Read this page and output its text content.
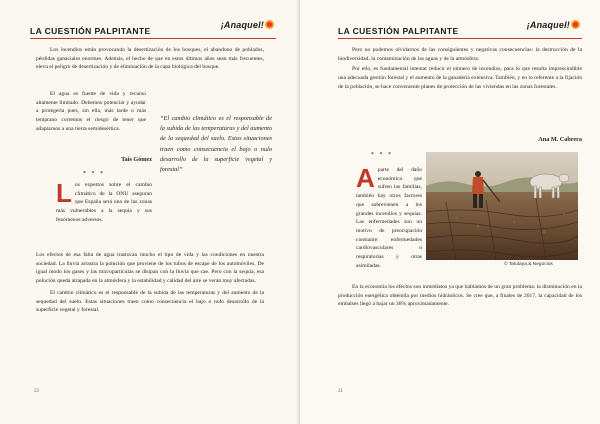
LA CUESTIÓN PALPITANTE
¡Anaquel!

Los incendios están provocando la desertización de los bosques, el abandono de poblados, pérdidas ganaciales enormes. Además, el hecho de que en estos últimos años sean más frecuentes, eleva el peligro de desertización y de eliminación de la capa biológica del bosque.

El agua es fuente de vida y recurso altamente limitado. Debemos potenciar y ayudar a protegerla pues, sin ella, más tarde o más temprano corremos el riesgo de tener que adaptarnos a una tierra semidesértica.

“El cambio climático es el responsable de la subida de las temperaturas y del aumento de la sequedad del suelo. Estas situaciones traen como consecuencia el bajo o nulo desarrollo de la superficie vegetal y forestal”
Tais Gómez
* * *
Los expertos sobre el cambio climático de la ONU aseguran que España será una de las zonas más vulnerables a la sequía y sus fenómenos adversos.

Los efectos de esa falta de agua trastocan mucho el tipo de vida y las condiciones en nuestra sociedad. La lluvia arrastra la polución que proviene de los tubos de escape de los automóviles. De igual modo los gases y las micropartículas se disipan con la lluvia que cae. Pero con la sequía, esa polución queda atrapada en la atmósfera y la estabilidad y calidad del aire se verán muy afectadas.

El cambio climático es el responsable de la subida de las temperaturas y del aumento de la sequedad del suelo. Estas situaciones traen como consecuencia el bajo o nulo desarrollo de la superficie vegetal y forestal.

22
LA CUESTIÓN PALPITANTE
¡Anaquel!

Pero no podemos olvidarnos de las consiguientes y negativas consecuencias: la destrucción de la biodiversidad, la contaminación de las aguas y de la atmósfera.

Por ello, es fundamental intentar reducir el número de incendios, para lo que resulta imprescindible una adecuada gestión forestal y el aumento de la ganadería extensiva. También, y en lo referente a la fijación de la población, se hace conveniente planes de protección de las viviendas en las zonas forestales.

Ana M. Cabrera
* * *
Aparte del daño económico que sufren las familias, también hay otros factores que sobrevienen a los grandes incendios y sequías. Las enfermedades son un motivo de preocupación constante: enfermedades cardiovasculares o respiratorias y otras asimiladas.

En la economía los efectos son inmediatos ya que hablamos de un gran problema: la disminución en la producción energética obtenida por medios hidráulicos. Se cree que, a finales de 2017, la capacidad de los embalses llegó a bajar un 38% aproximadamente.

21
© Tatutaya.& Negocios
